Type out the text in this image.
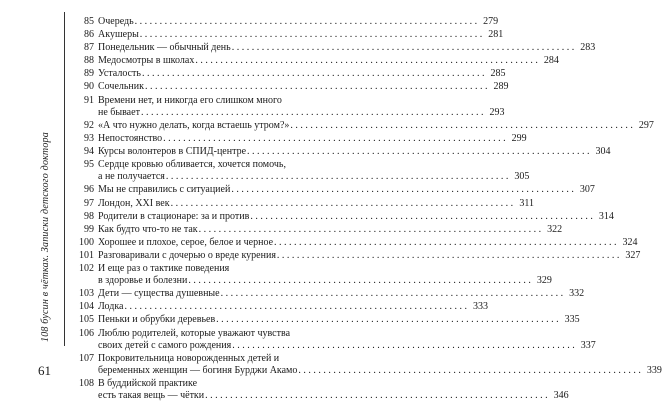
108 бусин в чётках. Записки детского доктора
85 Очередь . . .	279
86 Акушеры . . .	281
87 Понедельник — обычный день . . .	283
88 Медосмотры в школах . . .	284
89 Усталость . . .	285
90 Сочельник . . .	289
91 Времени нет, и никогда его слишком много
не бывает . . .	293
92 «А что нужно делать, когда встаешь утром?» . . .	297
93 Непостоянство . . .	299
94 Курсы волонтеров в СПИД-центре . . .	304
95 Сердце кровью обливается, хочется помочь,
а не получается . . .	305
96 Мы не справились с ситуацией . . .	307
97 Лондон, XXI век . . .	311
98 Родители в стационаре: за и против . . .	314
99 Как будто что-то не так . . .	322
100 Хорошее и плохое, серое, белое и черное . . .	324
101 Разговаривали с дочерью о вреде курения . . .	327
102 И еще раз о тактике поведения
в здоровье и болезни . . .	329
103 Дети — существа душевные . . .	332
104 Лодка . . .	333
105 Пеньки и обрубки деревьев . . .	335
106 Люблю родителей, которые уважают чувства
своих детей с самого рождения . . .	337
107 Покровительница новорожденных детей и
беременных женщин — богиня Бурджи Акамо . . .	339
108 В буддийской практике
есть такая вещь — чётки . . .	346
61
